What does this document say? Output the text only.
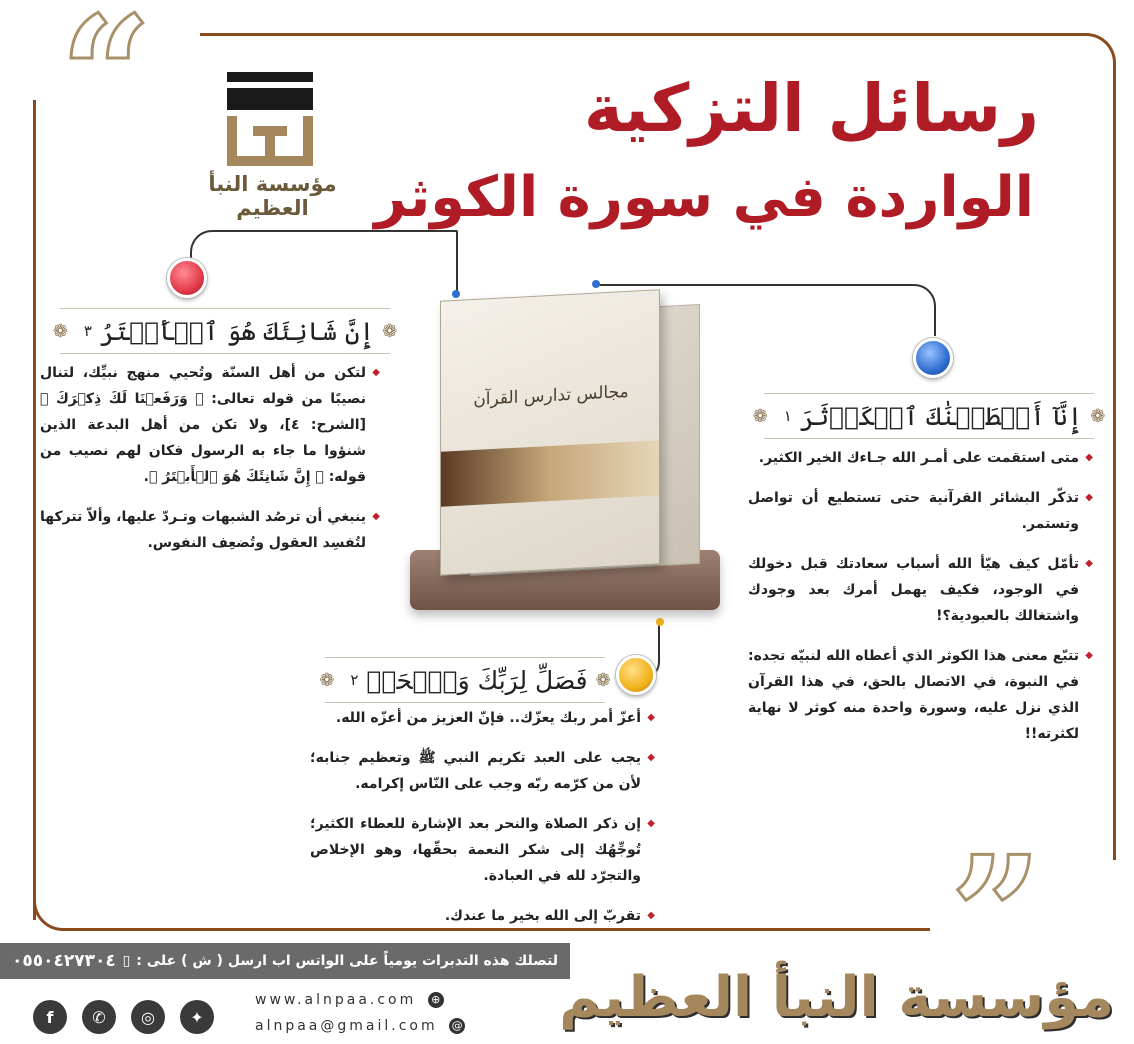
“
”
مؤسسة النبأ العظيم
رسائل التزكية
الواردة في سورة الكوثر
❁
إِنَّ شَانِئَكَ هُوَ ٱلۡأَبۡتَرُ
٣
❁
❁
إِنَّآ أَعۡطَيۡنَٰكَ ٱلۡكَوۡثَرَ
١
❁
❁
فَصَلِّ لِرَبِّكَ وَٱنۡحَرۡ
٢
❁
◆ لتكن من أهل السنّة وتُحيي منهج نبيِّك، لتنال نصيبًا من قوله تعالى: ﴿ وَرَفَعۡنَا لَكَ ذِكۡرَكَ ﴾ [الشرح: ٤]، ولا تكن من أهل البدعة الذين شنؤوا ما جاء به الرسول فكان لهم نصيب من قوله: ﴿ إِنَّ شَانِئَكَ هُوَ ٱلۡأَبۡتَرُ ﴾.
◆ ينبغي أن ترصُد الشبهات وتـردّ عليها، وألاّ تتركها لتُفسِد العقول وتُضعِف النفوس.
◆ متى استقمت على أمـر الله جـاءك الخير الكثير.
◆ تذكّر البشائر القرآنية حتى تستطيع أن تواصل وتستمر.
◆ تأمّل كيف هيّأ الله أسباب سعادتك قبل دخولك في الوجود، فكيف يهمل أمرك بعد وجودك واشتغالك بالعبودية؟!
◆ تتبّع معنى هذا الكوثر الذي أعطاه الله لنبيّه تجده: في النبوة، في الاتصال بالحق، في هذا القرآن الذي نزل عليه، وسورة واحدة منه كوثر لا نهاية لكثرته!!
◆ أعزّ أمر ربك يعزّك.. فإنّ العزيز من أعزّه الله.
◆ يجب على العبد تكريم النبي ﷺ وتعظيم جنابه؛ لأن من كرّمه ربّه وجب على النّاس إكرامه.
◆ إن ذكر الصلاة والنحر بعد الإشارة للعطاء الكثير؛ تُوجِّهُك إلى شكر النعمة بحقّها، وهو الإخلاص والتجرّد لله في العبادة.
◆ تقربّ إلى الله بخير ما عندك.
مجالس تدارس القرآن
لتصلك هذه التدبرات يومياً على الواتس اب ارسل ( ش ) على :
▯
٠٥٥٠٤٢٧٣٠٤
مؤسسة النبأ العظيم
www.alnpaa.com ⊕
alnpaa@gmail.com @
f	✆	◎	✦
